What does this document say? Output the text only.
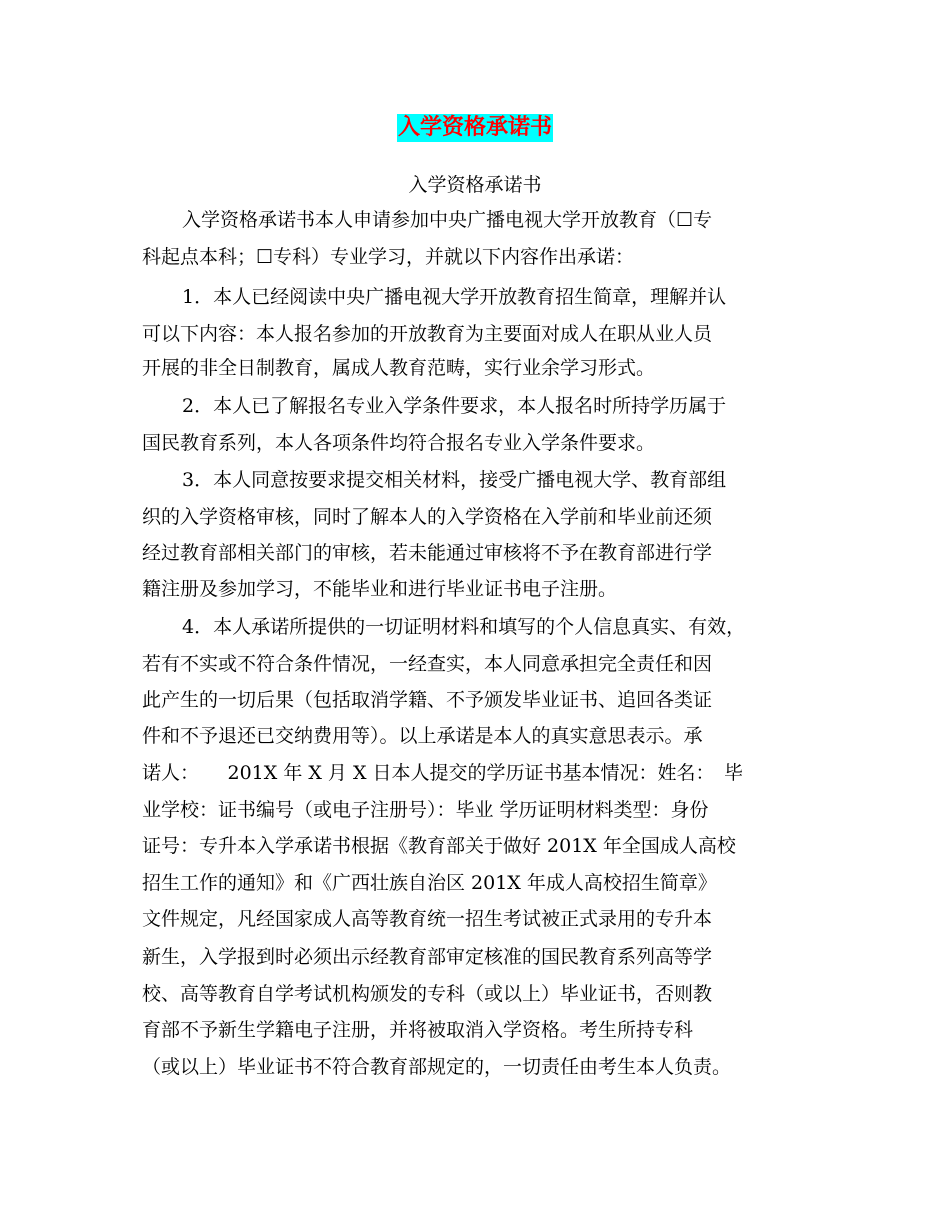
入学资格承诺书
入学资格承诺书
入学资格承诺书本人申请参加中央广播电视大学开放教育（☐专
科起点本科；☐专科）专业学习，并就以下内容作出承诺：
1．本人已经阅读中央广播电视大学开放教育招生简章，理解并认
可以下内容：本人报名参加的开放教育为主要面对成人在职从业人员
开展的非全日制教育，属成人教育范畴，实行业余学习形式。
2．本人已了解报名专业入学条件要求，本人报名时所持学历属于
国民教育系列，本人各项条件均符合报名专业入学条件要求。
3．本人同意按要求提交相关材料，接受广播电视大学、教育部组
织的入学资格审核，同时了解本人的入学资格在入学前和毕业前还须
经过教育部相关部门的审核，若未能通过审核将不予在教育部进行学
籍注册及参加学习，不能毕业和进行毕业证书电子注册。
4．本人承诺所提供的一切证明材料和填写的个人信息真实、有效，
若有不实或不符合条件情况，一经查实，本人同意承担完全责任和因
此产生的一切后果（包括取消学籍、不予颁发毕业证书、追回各类证
件和不予退还已交纳费用等）。以上承诺是本人的真实意思表示。承
诺人：　　201X 年 X 月 X 日本人提交的学历证书基本情况：姓名：　毕
业学校：证书编号（或电子注册号）：毕业 学历证明材料类型：身份
证号：专升本入学承诺书根据《教育部关于做好 201X 年全国成人高校
招生工作的通知》和《广西壮族自治区 201X 年成人高校招生简章》
文件规定，凡经国家成人高等教育统一招生考试被正式录用的专升本
新生，入学报到时必须出示经教育部审定核准的国民教育系列高等学
校、高等教育自学考试机构颁发的专科（或以上）毕业证书，否则教
育部不予新生学籍电子注册，并将被取消入学资格。考生所持专科
（或以上）毕业证书不符合教育部规定的，一切责任由考生本人负责。
